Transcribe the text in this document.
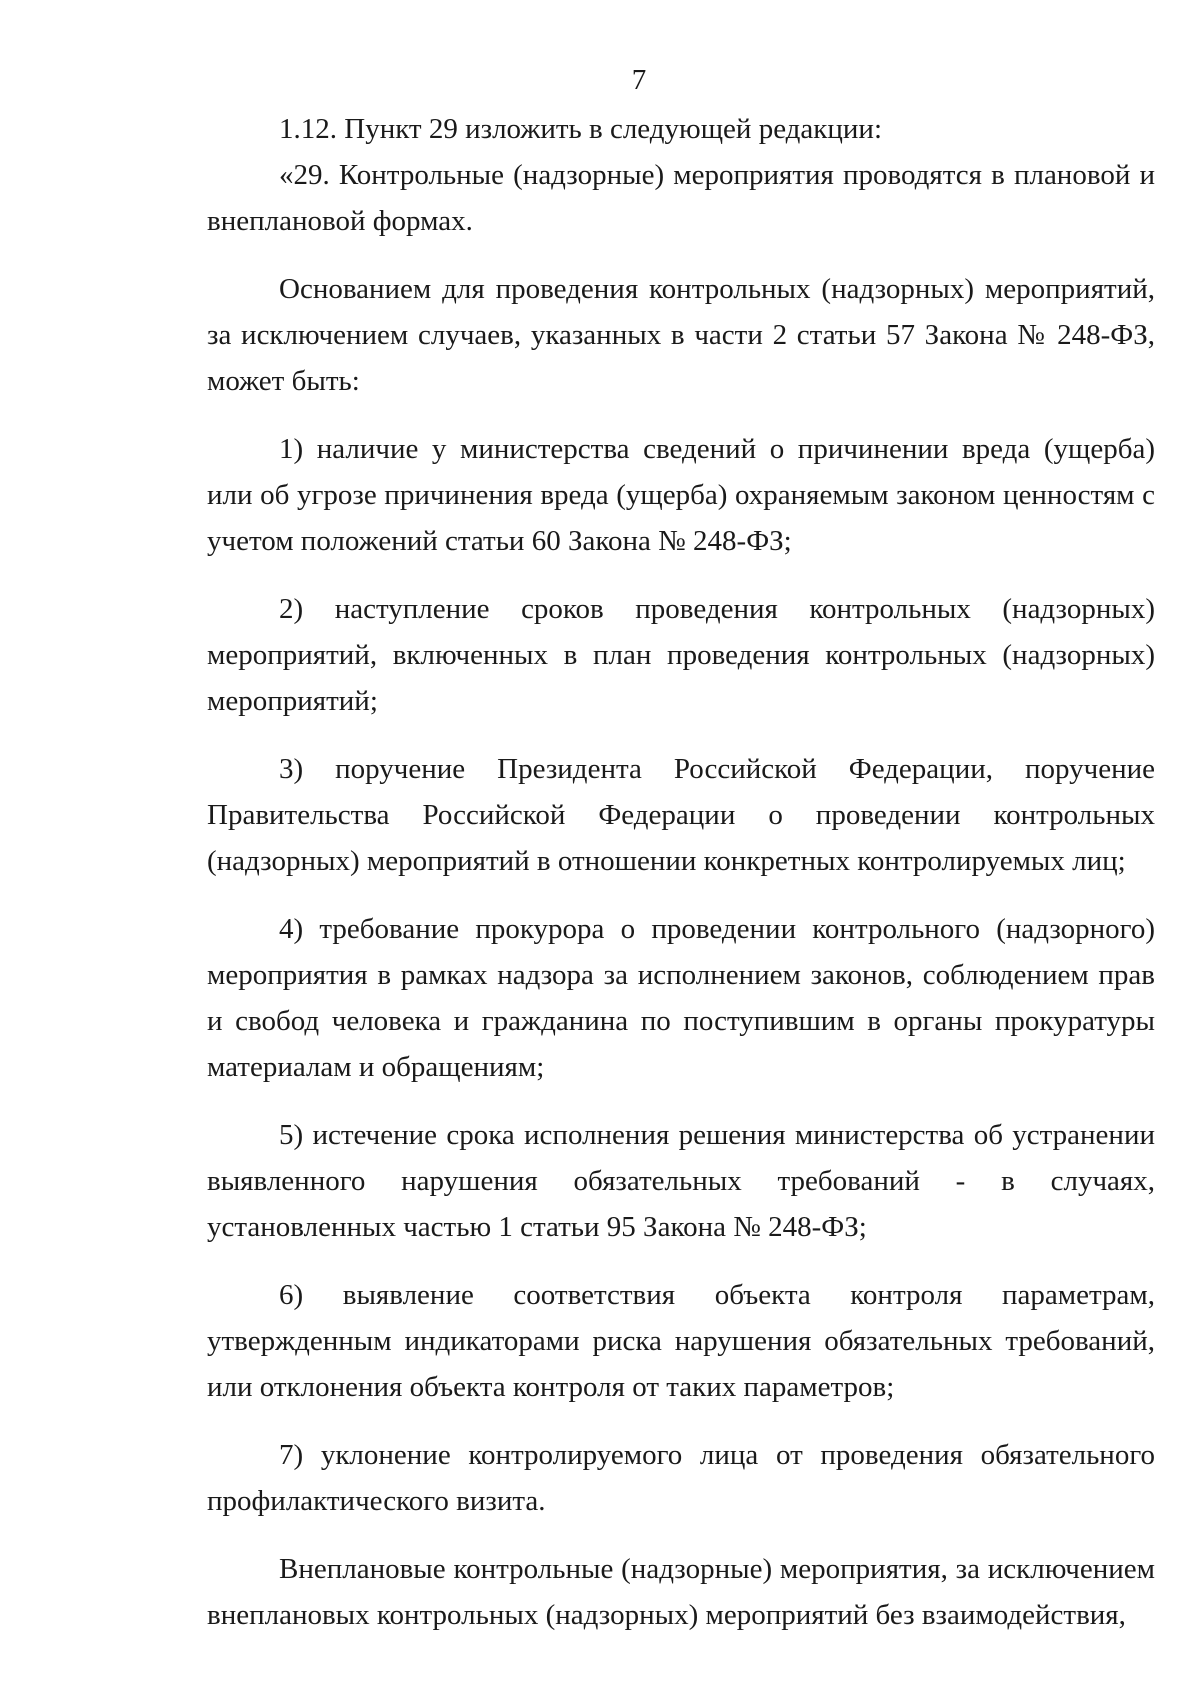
7

1.12. Пункт 29 изложить в следующей редакции:

«29. Контрольные (надзорные) мероприятия проводятся в плановой и внеплановой формах.

Основанием для проведения контрольных (надзорных) мероприятий, за исключением случаев, указанных в части 2 статьи 57 Закона № 248-ФЗ, может быть:

1) наличие у министерства сведений о причинении вреда (ущерба) или об угрозе причинения вреда (ущерба) охраняемым законом ценностям с учетом положений статьи 60 Закона № 248-ФЗ;

2) наступление сроков проведения контрольных (надзорных) мероприятий, включенных в план проведения контрольных (надзорных) мероприятий;

3) поручение Президента Российской Федерации, поручение Правительства Российской Федерации о проведении контрольных (надзорных) мероприятий в отношении конкретных контролируемых лиц;

4) требование прокурора о проведении контрольного (надзорного) мероприятия в рамках надзора за исполнением законов, соблюдением прав и свобод человека и гражданина по поступившим в органы прокуратуры материалам и обращениям;

5) истечение срока исполнения решения министерства об устранении выявленного нарушения обязательных требований - в случаях, установленных частью 1 статьи 95 Закона № 248-ФЗ;

6) выявление соответствия объекта контроля параметрам, утвержденным индикаторами риска нарушения обязательных требований, или отклонения объекта контроля от таких параметров;

7) уклонение контролируемого лица от проведения обязательного профилактического визита.

Внеплановые контрольные (надзорные) мероприятия, за исключением внеплановых контрольных (надзорных) мероприятий без взаимодействия,
